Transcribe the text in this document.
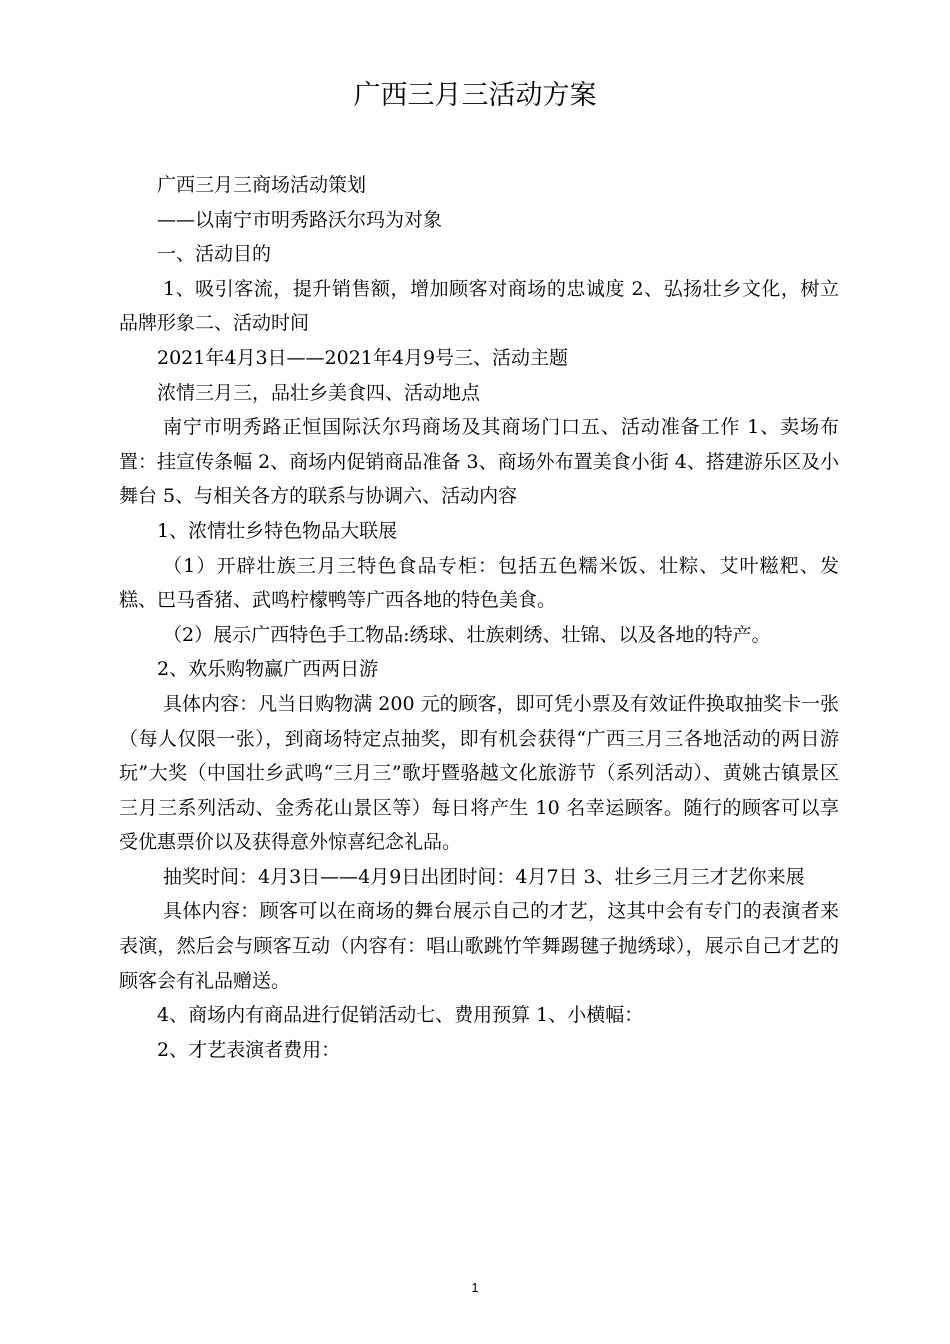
广西三月三活动方案

广西三月三商场活动策划

——以南宁市明秀路沃尔玛为对象

一、活动目的

1、吸引客流，提升销售额，增加顾客对商场的忠诚度 2、弘扬壮乡文化，树立品牌形象二、活动时间

2021年4月3日——2021年4月9号三、活动主题

浓情三月三，品壮乡美食四、活动地点

南宁市明秀路正恒国际沃尔玛商场及其商场门口五、活动准备工作 1、卖场布置：挂宣传条幅 2、商场内促销商品准备 3、商场外布置美食小街 4、搭建游乐区及小舞台 5、与相关各方的联系与协调六、活动内容

1、浓情壮乡特色物品大联展

（1）开辟壮族三月三特色食品专柜：包括五色糯米饭、壮粽、艾叶糍粑、发糕、巴马香猪、武鸣柠檬鸭等广西各地的特色美食。

（2）展示广西特色手工物品:绣球、壮族刺绣、壮锦、以及各地的特产。

2、欢乐购物赢广西两日游

具体内容：凡当日购物满 200 元的顾客，即可凭小票及有效证件换取抽奖卡一张（每人仅限一张），到商场特定点抽奖，即有机会获得“广西三月三各地活动的两日游玩”大奖（中国壮乡武鸣“三月三”歌圩暨骆越文化旅游节（系列活动）、黄姚古镇景区三月三系列活动、金秀花山景区等）每日将产生 10 名幸运顾客。随行的顾客可以享受优惠票价以及获得意外惊喜纪念礼品。

抽奖时间：4月3日——4月9日出团时间：4月7日 3、壮乡三月三才艺你来展

具体内容：顾客可以在商场的舞台展示自己的才艺，这其中会有专门的表演者来表演，然后会与顾客互动（内容有：唱山歌跳竹竿舞踢毽子抛绣球），展示自己才艺的顾客会有礼品赠送。

4、商场内有商品进行促销活动七、费用预算 1、小横幅：

2、才艺表演者费用：

1
